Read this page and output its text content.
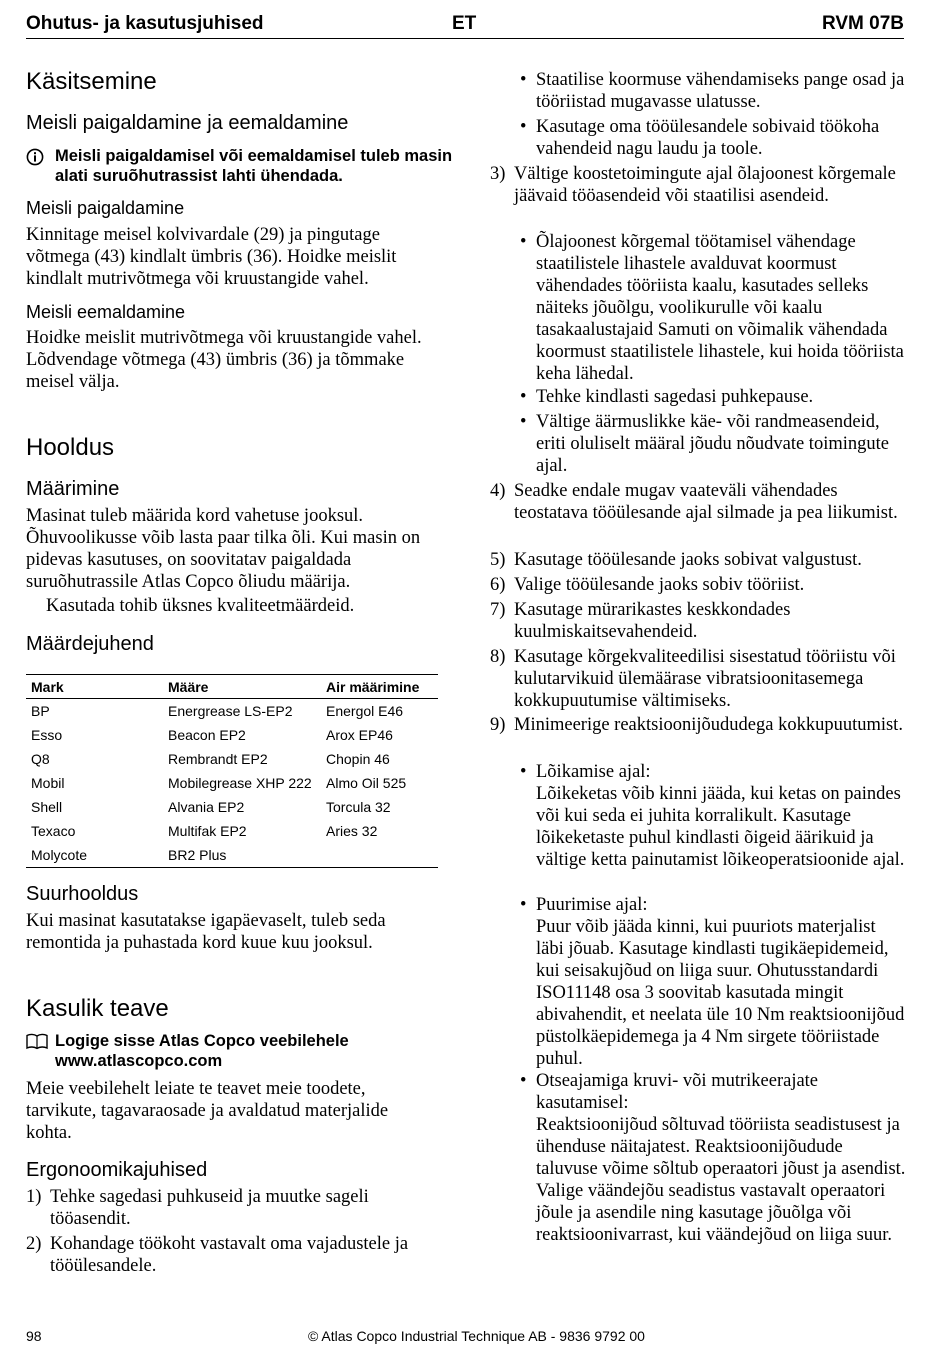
Ohutus- ja kasutusjuhised	ET	RVM 07B
Käsitsemine
Meisli paigaldamine ja eemaldamine
Meisli paigaldamisel või eemaldamisel tuleb masin alati suruõhutrassist lahti ühendada.
Meisli paigaldamine

Kinnitage meisel kolvivardale (29) ja pingutage võtmega (43) kindlalt ümbris (36). Hoidke meislit kindlalt mutrivõtmega või kruustangide vahel.

Meisli eemaldamine

Hoidke meislit mutrivõtmega või kruustangide vahel. Lõdvendage võtmega (43) ümbris (36) ja tõmmake meisel välja.

Hooldus
Määrimine

Masinat tuleb määrida kord vahetuse jooksul. Õhuvoolikusse võib lasta paar tilka õli. Kui masin on pidevas kasutuses, on soovitatav paigaldada suruõhutrassile Atlas Copco õliudu määrija.

Kasutada tohib üksnes kvaliteetmäärdeid.

Määrdejuhend
Mark	Määre	Air määrimine
BP	Energrease LS-EP2	Energol E46
Esso	Beacon EP2	Arox EP46
Q8	Rembrandt EP2	Chopin 46
Mobil	Mobilegrease XHP 222	Almo Oil 525
Shell	Alvania EP2	Torcula 32
Texaco	Multifak EP2	Aries 32
Molycote	BR2 Plus	
Suurhooldus

Kui masinat kasutatakse igapäevaselt, tuleb seda remontida ja puhastada kord kuue kuu jooksul.

Kasulik teave
Logige sisse Atlas Copco veebilehele
www.atlascopco.com

Meie veebilehelt leiate te teavet meie toodete, tarvikute, tagavaraosade ja avaldatud materjalide kohta.

Ergonoomikajuhised
1) Tehke sagedasi puhkuseid ja muutke sageli tööasendit.
2) Kohandage töökoht vastavalt oma vajadustele ja tööülesandele.
• Staatilise koormuse vähendamiseks pange osad ja tööriistad mugavasse ulatusse.
• Kasutage oma tööülesandele sobivaid töökoha vahendeid nagu laudu ja toole.
3) Vältige koostetoimingute ajal õlajoonest kõrgemale jäävaid tööasendeid või staatilisi asendeid.
• Õlajoonest kõrgemal töötamisel vähendage staatilistele lihastele avalduvat koormust vähendades tööriista kaalu, kasutades selleks näiteks jõuõlgu, voolikurulle või kaalu tasakaalustajaid Samuti on võimalik vähendada koormust staatilistele lihastele, kui hoida tööriista keha lähedal.
• Tehke kindlasti sagedasi puhkepause.
• Vältige äärmuslikke käe- või randmeasendeid, eriti oluliselt määral jõudu nõudvate toimingute ajal.
4) Seadke endale mugav vaateväli vähendades teostatava tööülesande ajal silmade ja pea liikumist.
5) Kasutage tööülesande jaoks sobivat valgustust.
6) Valige tööülesande jaoks sobiv tööriist.
7) Kasutage mürarikastes keskkondades kuulmiskaitsevahendeid.
8) Kasutage kõrgekvaliteedilisi sisestatud tööriistu või kulutarvikuid ülemäärase vibratsioonitasemega kokkupuutumise vältimiseks.
9) Minimeerige reaktsioonijõududega kokkupuutumist.
• Lõikamise ajal:
Lõikeketas võib kinni jääda, kui ketas on paindes või kui seda ei juhita korralikult. Kasutage lõikeketaste puhul kindlasti õigeid äärikuid ja vältige ketta painutamist lõikeoperatsioonide ajal.
• Puurimise ajal:
Puur võib jääda kinni, kui puuriots materjalist läbi jõuab. Kasutage kindlasti tugikäepidemeid, kui seisakujõud on liiga suur. Ohutusstandardi ISO11148 osa 3 soovitab kasutada mingit abivahendit, et neelata üle 10 Nm reaktsioonijõud püstolkäepidemega ja 4 Nm sirgete tööriistade puhul.
• Otseajamiga kruvi- või mutrikeerajate kasutamisel:
Reaktsioonijõud sõltuvad tööriista seadistusest ja ühenduse näitajatest. Reaktsioonijõudude taluvuse võime sõltub operaatori jõust ja asendist. Valige väändejõu seadistus vastavalt operaatori jõule ja asendile ning kasutage jõuõlga või reaktsioonivarrast, kui väändejõud on liiga suur.
98	© Atlas Copco Industrial Technique AB - 9836 9792 00
